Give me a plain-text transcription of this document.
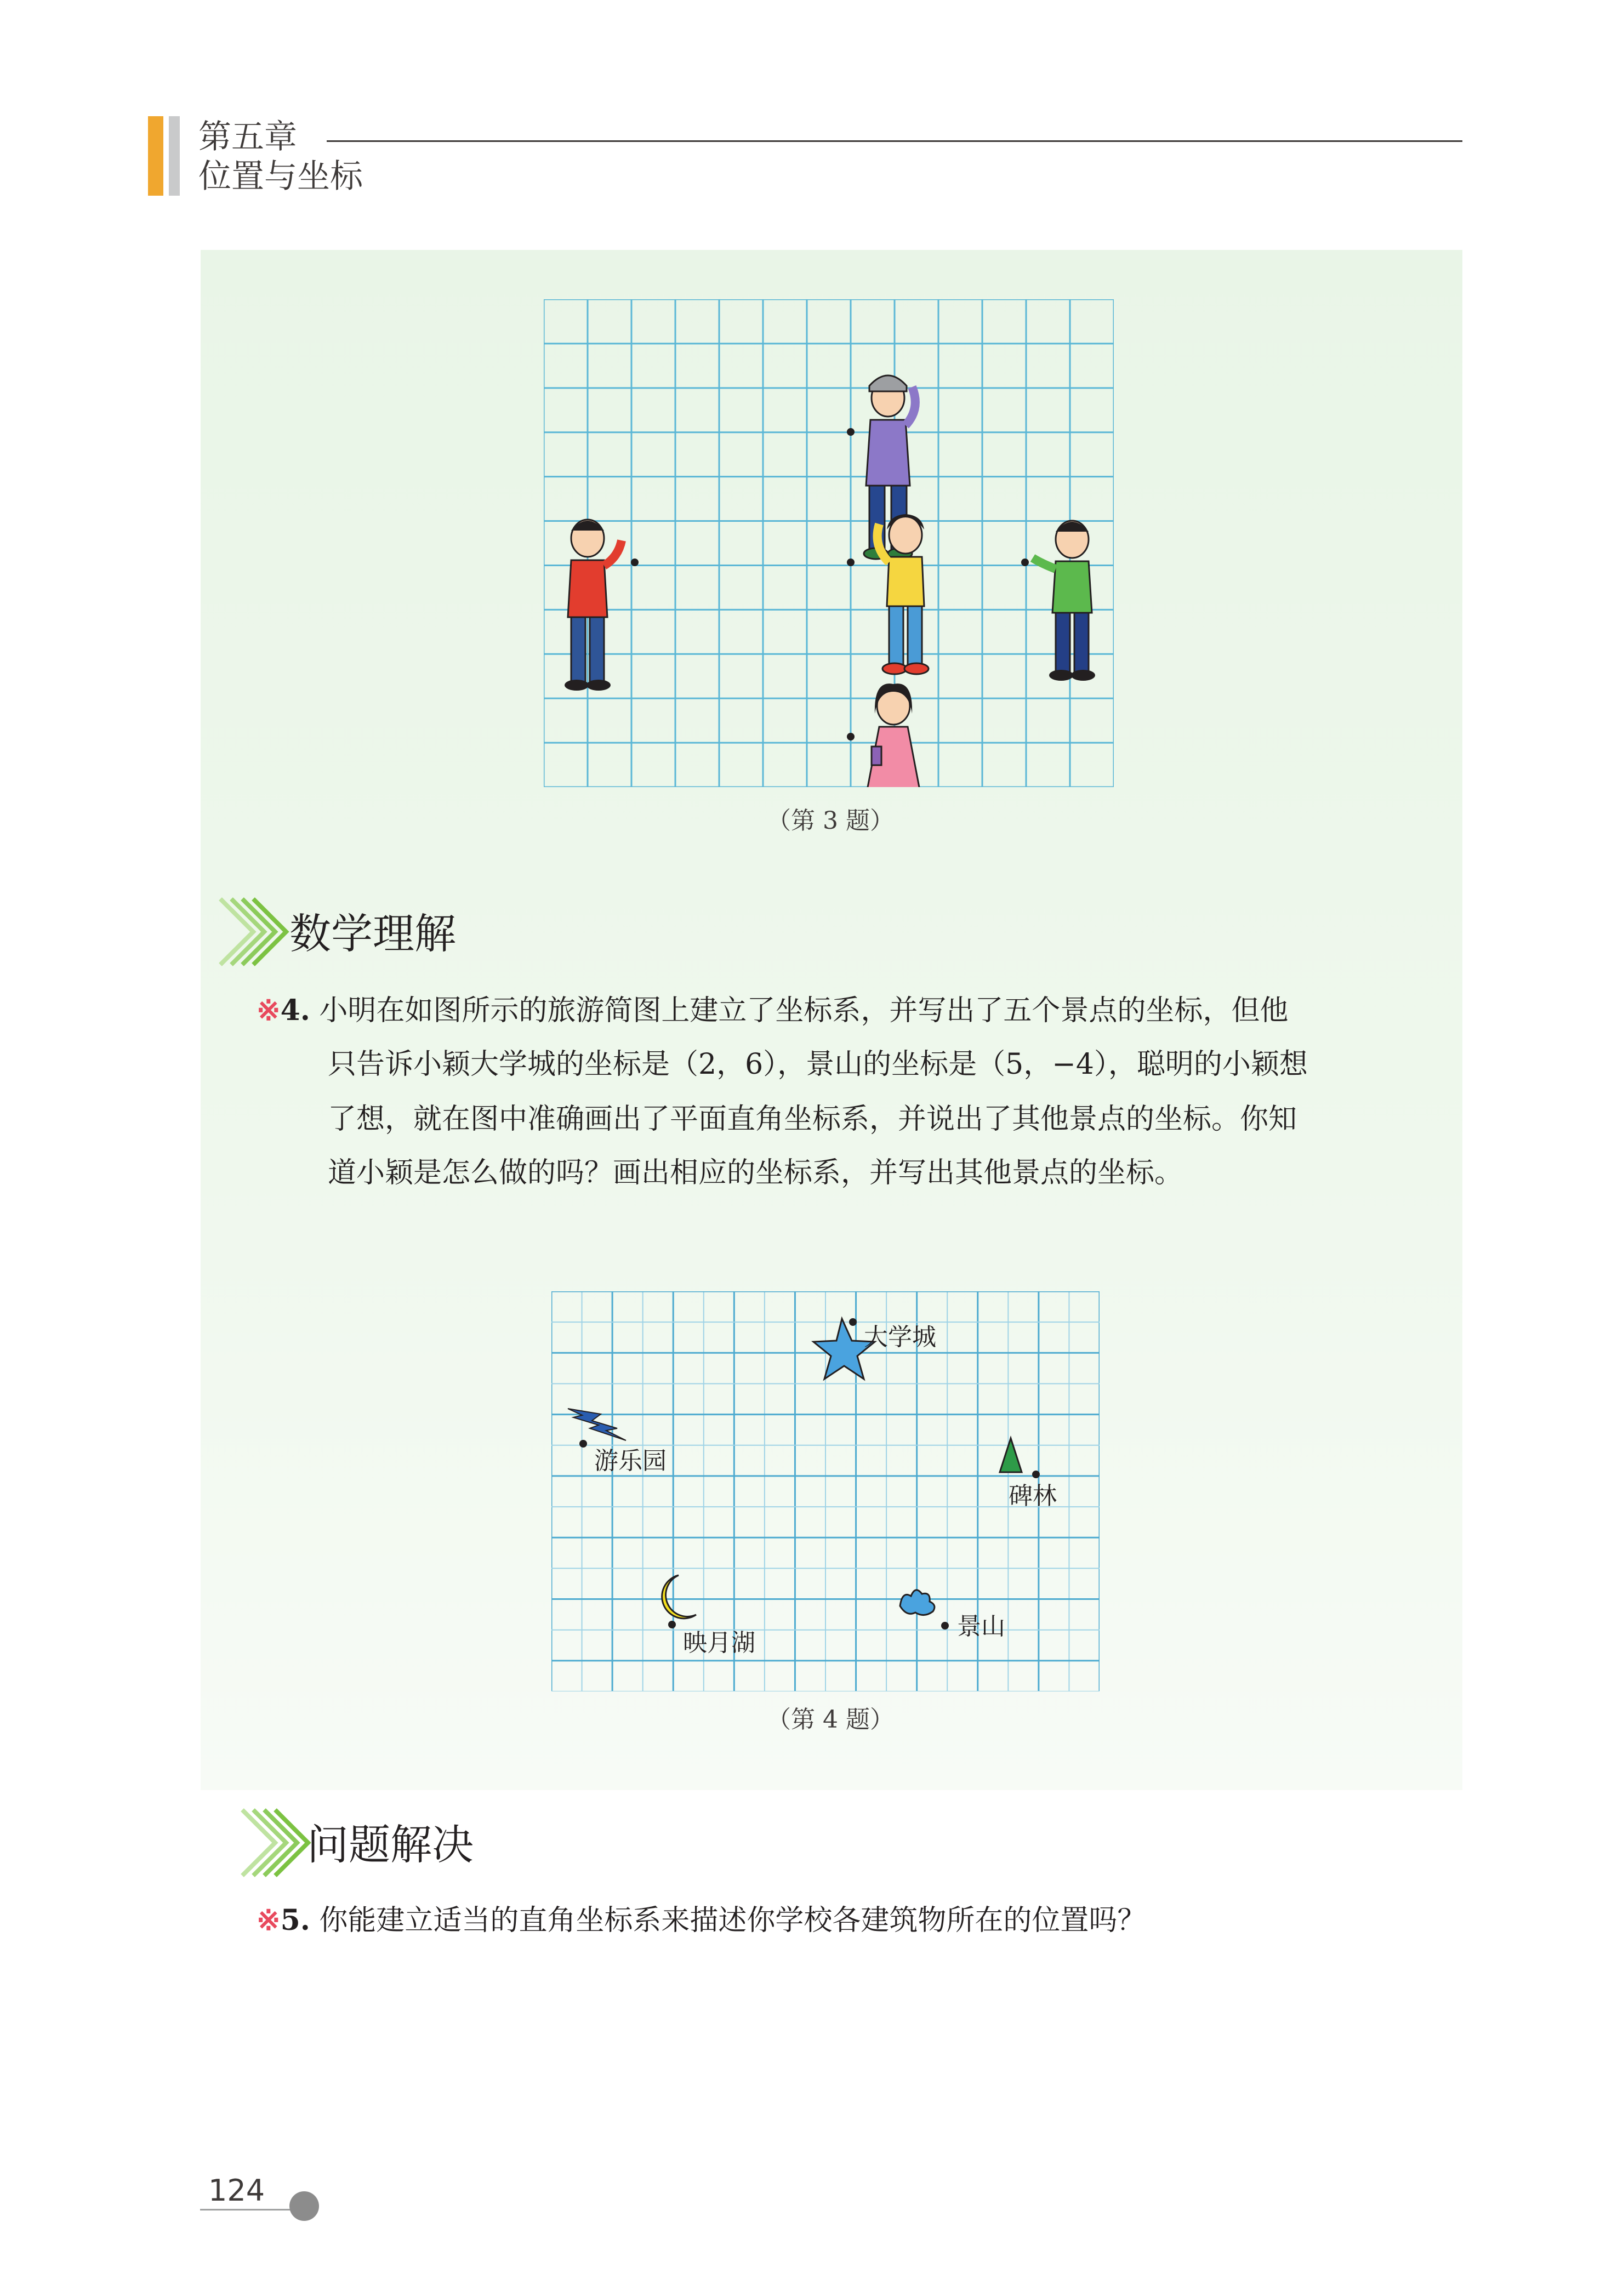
第五章
位置与坐标
（第 3 题）
数学理解
※4. 小明在如图所示的旅游简图上建立了坐标系，并写出了五个景点的坐标，但他
只告诉小颖大学城的坐标是（2，6），景山的坐标是（5，−4），聪明的小颖想
了想，就在图中准确画出了平面直角坐标系，并说出了其他景点的坐标。你知
道小颖是怎么做的吗？画出相应的坐标系，并写出其他景点的坐标。
大学城
游乐园
碑林
映月湖
景山
（第 4 题）
问题解决
※5. 你能建立适当的直角坐标系来描述你学校各建筑物所在的位置吗？
124
